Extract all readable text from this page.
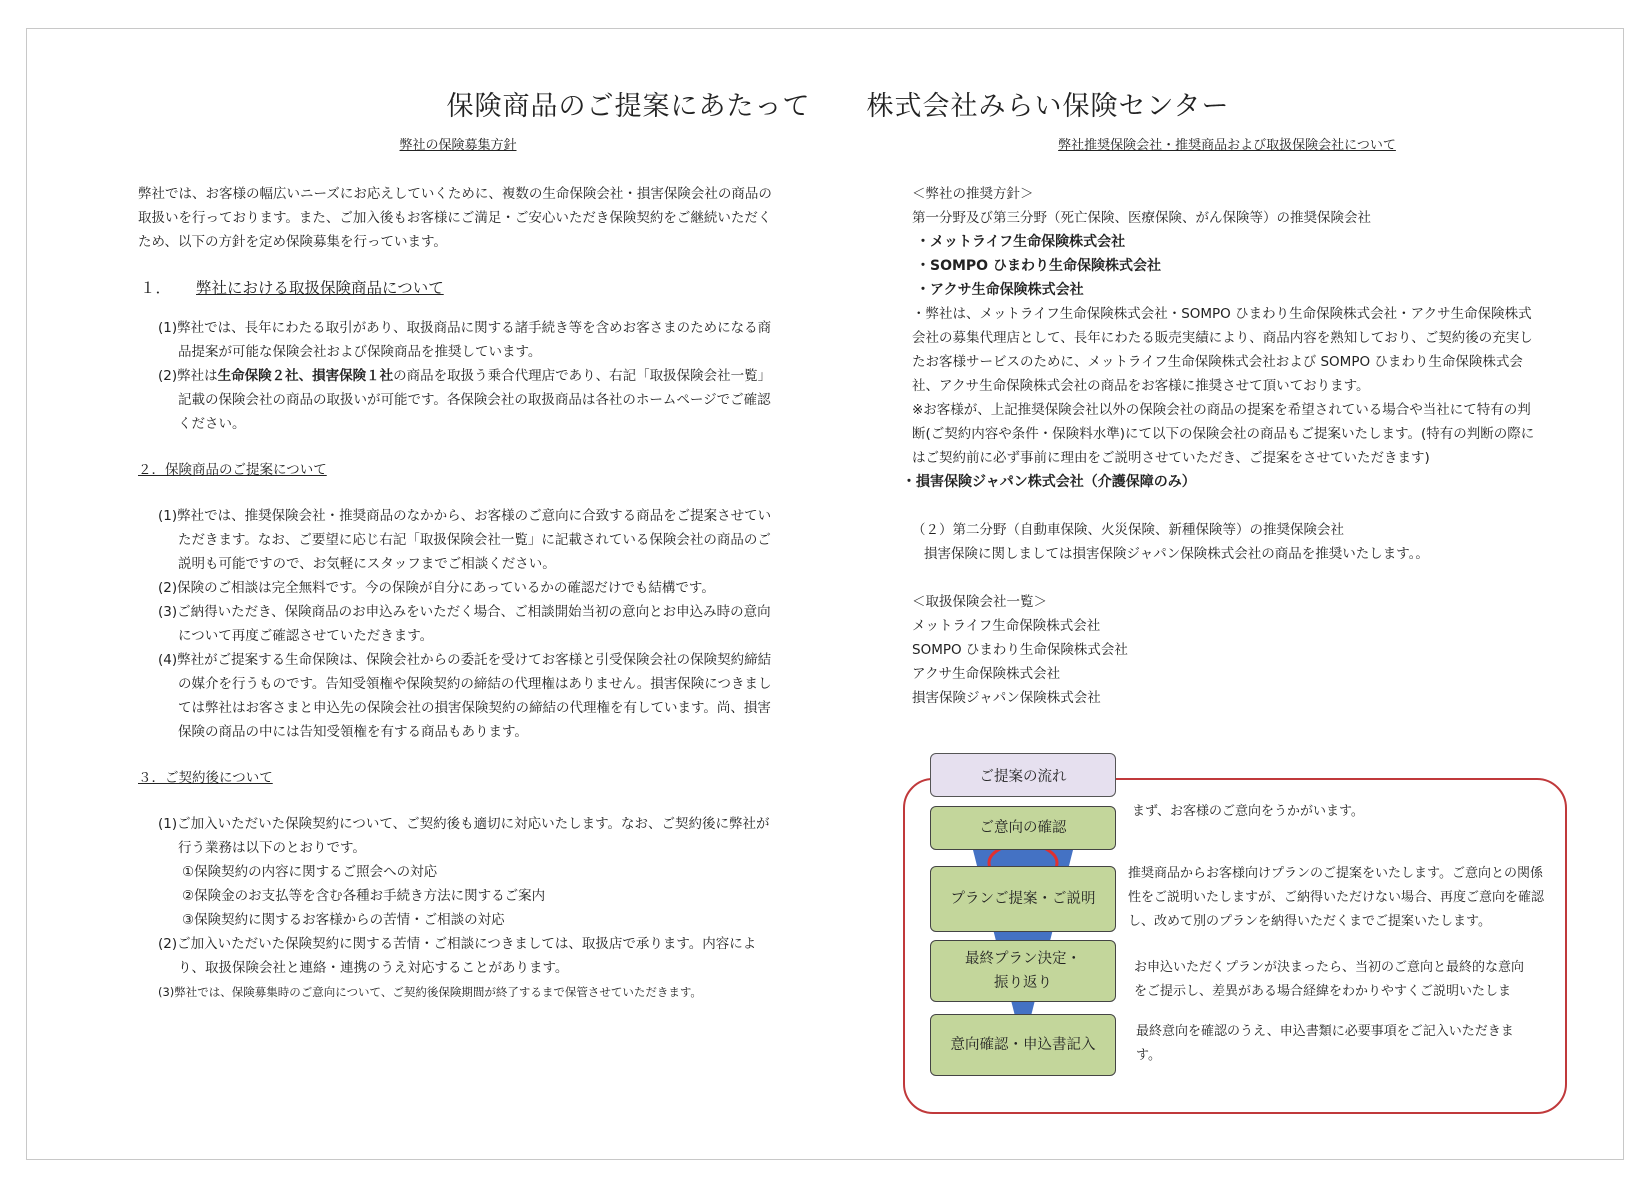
保険商品のご提案にあたって　　株式会社みらい保険センター
弊社の保険募集方針

弊社では、お客様の幅広いニーズにお応えしていくために、複数の生命保険会社・損害保険会社の商品の取扱いを行っております。また、ご加入後もお客様にご満足・ご安心いただき保険契約をご継続いただくため、以下の方針を定め保険募集を行っています。

１． 弊社における取扱保険商品について

(1)弊社では、長年にわたる取引があり、取扱商品に関する諸手続き等を含めお客さまのためになる商品提案が可能な保険会社および保険商品を推奨しています。

(2)弊社は生命保険２社、損害保険１社の商品を取扱う乗合代理店であり、右記「取扱保険会社一覧」記載の保険会社の商品の取扱いが可能です。各保険会社の取扱商品は各社のホームページでご確認ください。

２．保険商品のご提案について

(1)弊社では、推奨保険会社・推奨商品のなかから、お客様のご意向に合致する商品をご提案させていただきます。なお、ご要望に応じ右記「取扱保険会社一覧」に記載されている保険会社の商品のご説明も可能ですので、お気軽にスタッフまでご相談ください。

(2)保険のご相談は完全無料です。今の保険が自分にあっているかの確認だけでも結構です。

(3)ご納得いただき、保険商品のお申込みをいただく場合、ご相談開始当初の意向とお申込み時の意向について再度ご確認させていただきます。

(4)弊社がご提案する生命保険は、保険会社からの委託を受けてお客様と引受保険会社の保険契約締結の媒介を行うものです。告知受領権や保険契約の締結の代理権はありません。損害保険につきましては弊社はお客さまと申込先の保険会社の損害保険契約の締結の代理権を有しています。尚、損害保険の商品の中には告知受領権を有する商品もあります。

３．ご契約後について

(1)ご加入いただいた保険契約について、ご契約後も適切に対応いたします。なお、ご契約後に弊社が行う業務は以下のとおりです。

①保険契約の内容に関するご照会への対応

②保険金のお支払等を含む各種お手続き方法に関するご案内

③保険契約に関するお客様からの苦情・ご相談の対応

(2)ご加入いただいた保険契約に関する苦情・ご相談につきましては、取扱店で承ります。内容により、取扱保険会社と連絡・連携のうえ対応することがあります。

(3)弊社では、保険募集時のご意向について、ご契約後保険期間が終了するまで保管させていただきます。

弊社推奨保険会社・推奨商品および取扱保険会社について

＜弊社の推奨方針＞

第一分野及び第三分野（死亡保険、医療保険、がん保険等）の推奨保険会社

・メットライフ生命保険株式会社

・SOMPO ひまわり生命保険株式会社

・アクサ生命保険株式会社

・弊社は、メットライフ生命保険株式会社・SOMPO ひまわり生命保険株式会社・アクサ生命保険株式会社の募集代理店として、長年にわたる販売実績により、商品内容を熟知しており、ご契約後の充実したお客様サービスのために、メットライフ生命保険株式会社および SOMPO ひまわり生命保険株式会社、アクサ生命保険株式会社の商品をお客様に推奨させて頂いております。

※お客様が、上記推奨保険会社以外の保険会社の商品の提案を希望されている場合や当社にて特有の判断(ご契約内容や条件・保険料水準)にて以下の保険会社の商品もご提案いたします。(特有の判断の際にはご契約前に必ず事前に理由をご説明させていただき、ご提案をさせていただきます)

・損害保険ジャパン株式会社（介護保障のみ）

（２）第二分野（自動車保険、火災保険、新種保険等）の推奨保険会社

損害保険に関しましては損害保険ジャパン保険株式会社の商品を推奨いたします。。

＜取扱保険会社一覧＞

メットライフ生命保険株式会社

SOMPO ひまわり生命保険株式会社

アクサ生命保険株式会社

損害保険ジャパン保険株式会社

ご提案の流れ
ご意向の確認
プランご提案・ご説明
最終プラン決定・
振り返り
意向確認・申込書記入
まず、お客様のご意向をうかがいます。
推奨商品からお客様向けプランのご提案をいたします。ご意向との関係性をご説明いたしますが、ご納得いただけない場合、再度ご意向を確認し、改めて別のプランを納得いただくまでご提案いたします。
お申込いただくプランが決まったら、当初のご意向と最終的な意向をご提示し、差異がある場合経緯をわかりやすくご説明いたしま
最終意向を確認のうえ、申込書類に必要事項をご記入いただきます。
